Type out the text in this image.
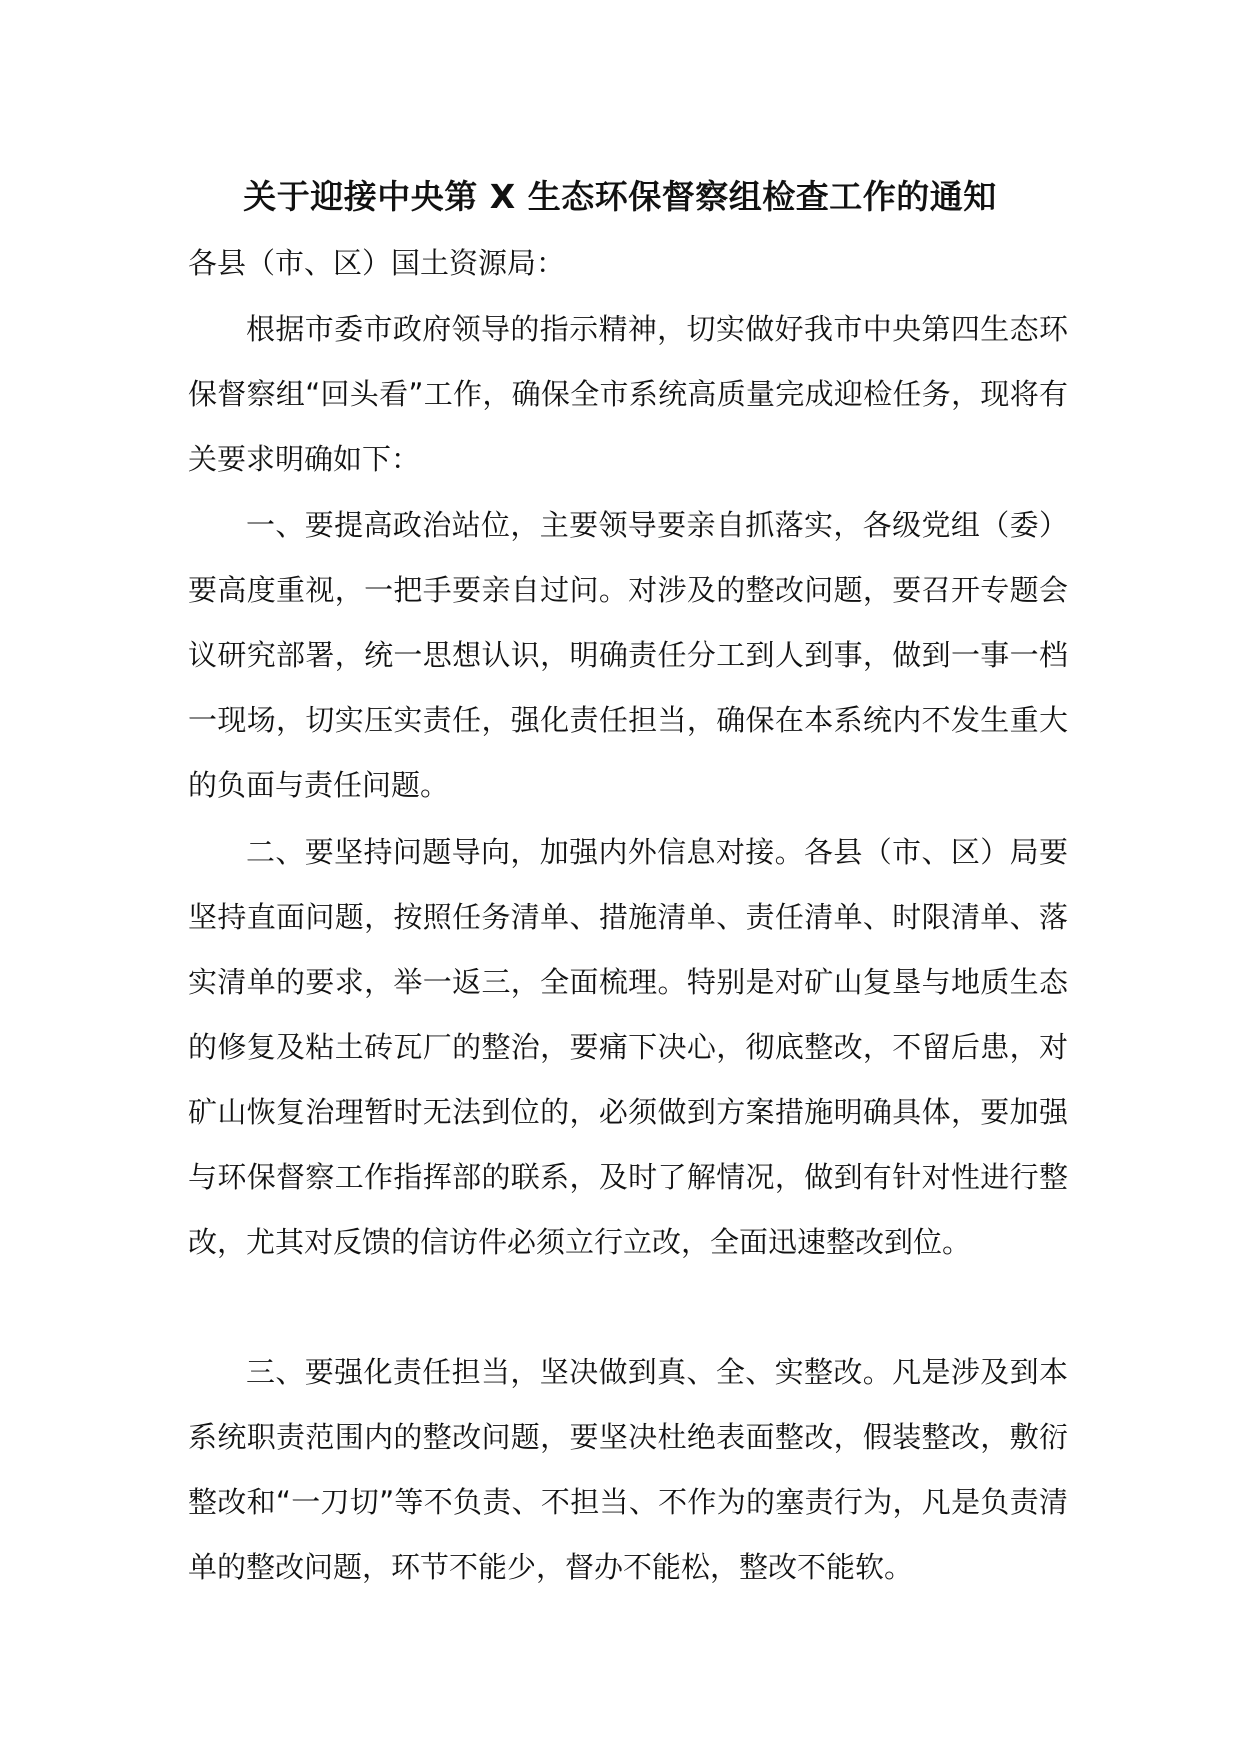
关于迎接中央第 X 生态环保督察组检查工作的通知
各县（市、区）国土资源局：

根据市委市政府领导的指示精神，切实做好我市中央第四生态环保督察组“回头看”工作，确保全市系统高质量完成迎检任务，现将有关要求明确如下：

一、要提高政治站位，主要领导要亲自抓落实，各级党组（委）要高度重视，一把手要亲自过问。对涉及的整改问题，要召开专题会议研究部署，统一思想认识，明确责任分工到人到事，做到一事一档一现场，切实压实责任，强化责任担当，确保在本系统内不发生重大的负面与责任问题。

二、要坚持问题导向，加强内外信息对接。各县（市、区）局要坚持直面问题，按照任务清单、措施清单、责任清单、时限清单、落实清单的要求，举一返三，全面梳理。特别是对矿山复垦与地质生态的修复及粘土砖瓦厂的整治，要痛下决心，彻底整改，不留后患，对矿山恢复治理暂时无法到位的，必须做到方案措施明确具体，要加强与环保督察工作指挥部的联系，及时了解情况，做到有针对性进行整改，尤其对反馈的信访件必须立行立改，全面迅速整改到位。

三、要强化责任担当，坚决做到真、全、实整改。凡是涉及到本系统职责范围内的整改问题，要坚决杜绝表面整改，假装整改，敷衍整改和“一刀切”等不负责、不担当、不作为的塞责行为，凡是负责清单的整改问题，环节不能少，督办不能松，整改不能软。
